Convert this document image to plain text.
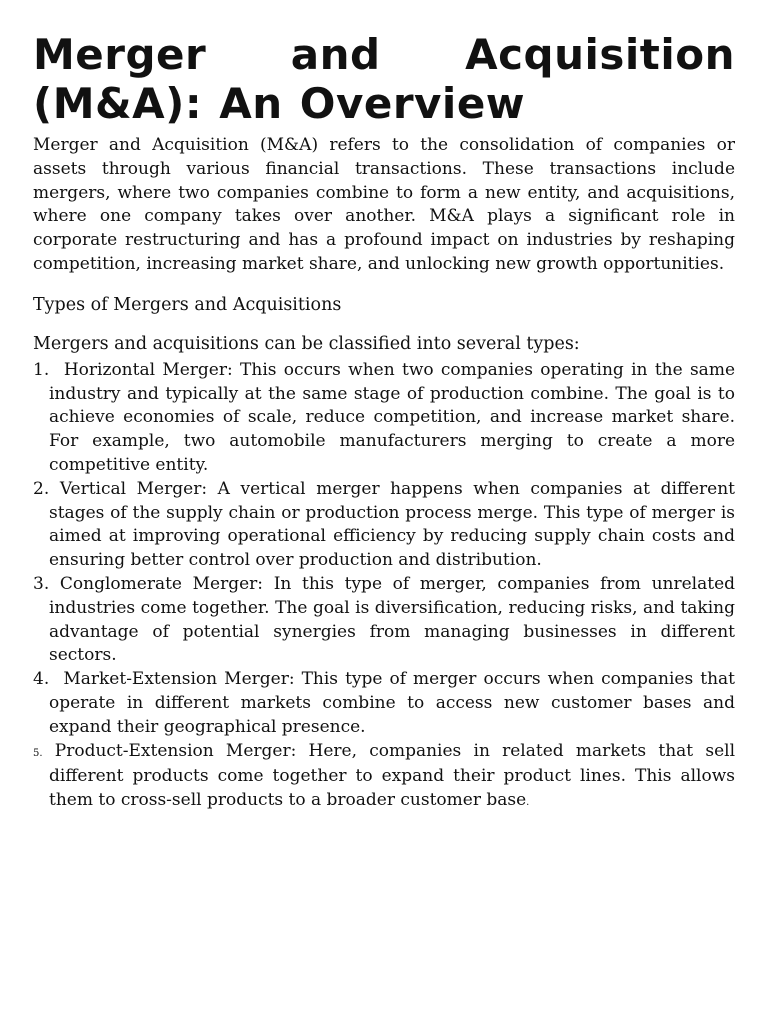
Merger and Acquisition (M&A): An Overview

Merger and Acquisition (M&A) refers to the consolidation of companies or assets through various financial transactions. These transactions include mergers, where two companies combine to form a new entity, and acquisitions, where one company takes over another. M&A plays a significant role in corporate restructuring and has a profound impact on industries by reshaping competition, increasing market share, and unlocking new growth opportunities.

Types of Mergers and Acquisitions

Mergers and acquisitions can be classified into several types:

1. Horizontal Merger: This occurs when two companies operating in the same industry and typically at the same stage of production combine. The goal is to achieve economies of scale, reduce competition, and increase market share. For example, two automobile manufacturers merging to create a more competitive entity.
2. Vertical Merger: A vertical merger happens when companies at different stages of the supply chain or production process merge. This type of merger is aimed at improving operational efficiency by reducing supply chain costs and ensuring better control over production and distribution.
3. Conglomerate Merger: In this type of merger, companies from unrelated industries come together. The goal is diversification, reducing risks, and taking advantage of potential synergies from managing businesses in different sectors.
4. Market-Extension Merger: This type of merger occurs when companies that operate in different markets combine to access new customer bases and expand their geographical presence.
5. Product-Extension Merger: Here, companies in related markets that sell different products come together to expand their product lines. This allows them to cross-sell products to a broader customer base.
